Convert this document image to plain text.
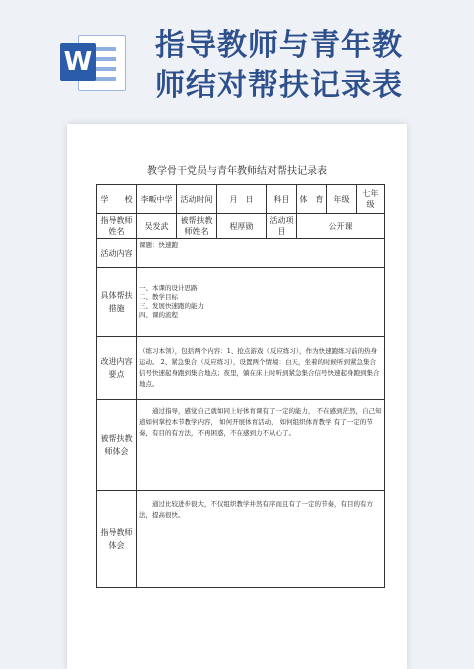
W 指导教师与青年教
师结对帮扶记录表
教学骨干党员与青年教师结对帮扶记录表
学　　校	李畈中学	活动时间	月　日	科目	体　育	年级	七年级
指导教师姓名	吴发武	被帮扶教师姓名	程厚勋	活动项目	公开课		
活动内容	课题：快速跑						
具体帮扶措施	一、本课的设计思路
二、教学目标
三、发展快速跑的能力
四、课的流程						

改进内容要点	（练习本领），包括两个内容：1、抢点游戏（反应练习），作为快速跑练习前的热身运动。 2、紧急集合（反应练习），设置两个情境：白天，坐着的时候听到紧急集合信号快速起身跑到集合地点；夜里，躺在床上时听到紧急集合信号快速起身跑到集合地点。						

被帮扶教师体会	通过指导，感觉自己就如同上好体育课有了一定的能力， 不在感到茫然，自己知道如何掌控本节教学内容， 如何开展体育活动， 如何组织体育教学 有了一定的节奏，有目的有方法，不再困惑，不在感到力不从心了。						

指导教师体会	通过比较进步很大，不仅组织教学井然有序而且有了一定的节奏，有目的有方法，提高很快。						
